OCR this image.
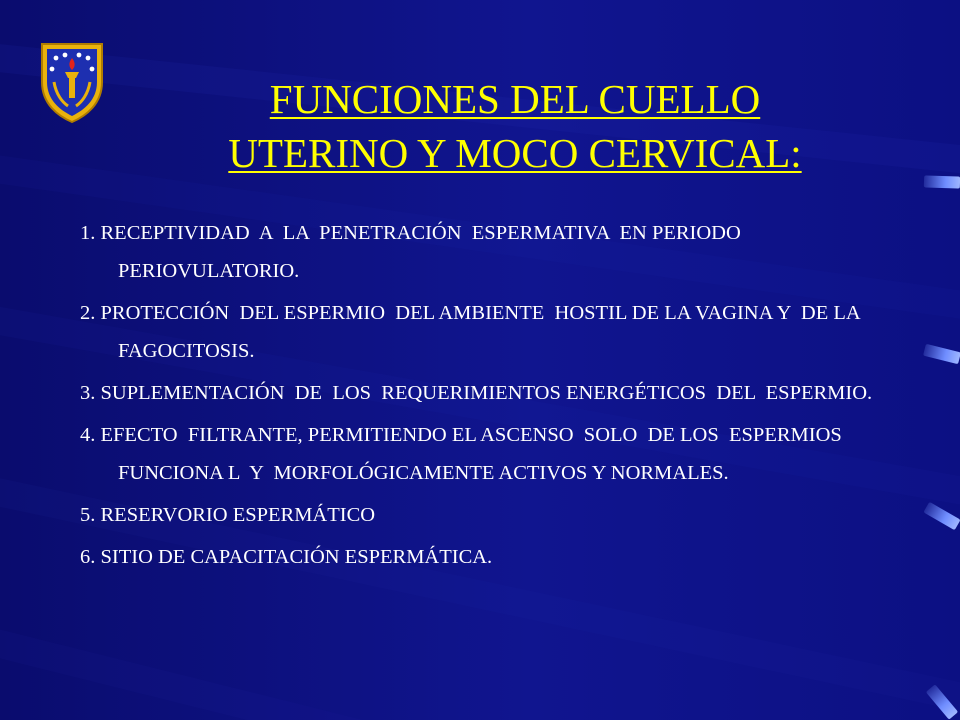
FUNCIONES DEL CUELLO
UTERINO Y MOCO CERVICAL:
1. RECEPTIVIDAD  A  LA  PENETRACIÓN  ESPERMATIVA  EN PERIODO  PERIOVULATORIO.
2. PROTECCIÓN  DEL ESPERMIO  DEL AMBIENTE  HOSTIL DE LA VAGINA Y  DE LA FAGOCITOSIS.
3. SUPLEMENTACIÓN  DE  LOS  REQUERIMIENTOS ENERGÉTICOS  DEL  ESPERMIO.
4. EFECTO  FILTRANTE, PERMITIENDO EL ASCENSO  SOLO  DE LOS  ESPERMIOS  FUNCIONA L  Y  MORFOLÓGICAMENTE ACTIVOS Y NORMALES.
5. RESERVORIO ESPERMÁTICO
6. SITIO DE CAPACITACIÓN ESPERMÁTICA.
